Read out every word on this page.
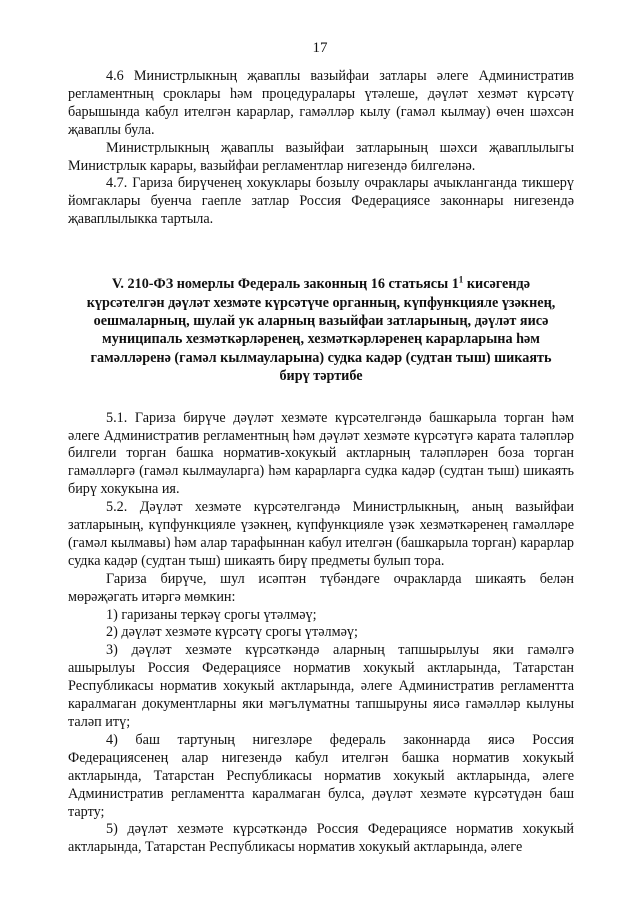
17

4.6 Министрлыкның җаваплы вазыйфаи затлары әлеге Административ регламентның сроклары һәм процедуралары үтәлеше, дәүләт хезмәт күрсәтү барышында кабул ителгән карарлар, гамәлләр кылу (гамәл кылмау) өчен шәхсән җаваплы була.

Министрлыкның җаваплы вазыйфаи затларының шәхси җаваплылыгы Министрлык карары, вазыйфаи регламентлар нигезендә билгеләнә.

4.7. Гариза бирүченең хокуклары бозылу очраклары ачыкланганда тикшерү йомгаклары буенча гаепле затлар Россия Федерациясе законнары нигезендә җаваплылыкка тартыла.

V. 210-ФЗ номерлы Федераль законның 16 статьясы $1^1$ кисәгендә күрсәтелгән дәүләт хезмәте күрсәтүче органның, күпфункцияле үзәкнең, оешмаларның, шулай ук аларның вазыйфаи затларының, дәүләт яисә муниципаль хезмәткәрләренең, хезмәткәрләренең карарларына һәм гамәлләренә (гамәл кылмауларына) судка кадәр (судтан тыш) шикаять бирү тәртибе

5.1. Гариза бирүче дәүләт хезмәте күрсәтелгәндә башкарыла торган һәм әлеге Административ регламентның һәм дәүләт хезмәте күрсәтүгә карата таләпләр билгели торган башка норматив-хокукый актларның таләпләрен боза торган гамәлләргә (гамәл кылмауларга) һәм карарларга судка кадәр (судтан тыш) шикаять бирү хокукына ия.

5.2. Дәүләт хезмәте күрсәтелгәндә Министрлыкның, аның вазыйфаи затларының, күпфункцияле үзәкнең, күпфункцияле үзәк хезмәткәренең гамәлләре (гамәл кылмавы) һәм алар тарафыннан кабул ителгән (башкарыла торган) карарлар судка кадәр (судтан тыш) шикаять бирү предметы булып тора.

Гариза бирүче, шул исәптән түбәндәге очракларда шикаять белән мөрәҗәгать итәргә мөмкин:

1) гаризаны теркәү срогы үтәлмәү;

2) дәүләт хезмәте күрсәтү срогы үтәлмәү;

3) дәүләт хезмәте күрсәткәндә аларның тапшырылуы яки гамәлгә ашырылуы Россия Федерациясе норматив хокукый актларында, Татарстан Республикасы норматив хокукый актларында, әлеге Административ регламентта каралмаган документларны яки мәгълүматны тапшыруны яисә гамәлләр кылуны таләп итү;

4) баш тартуның нигезләре федераль законнарда яисә Россия Федерациясенең алар нигезендә кабул ителгән башка норматив хокукый актларында, Татарстан Республикасы норматив хокукый актларында, әлеге Административ регламентта каралмаган булса, дәүләт хезмәте күрсәтүдән баш тарту;

5) дәүләт хезмәте күрсәткәндә Россия Федерациясе норматив хокукый актларында, Татарстан Республикасы норматив хокукый актларында, әлеге
